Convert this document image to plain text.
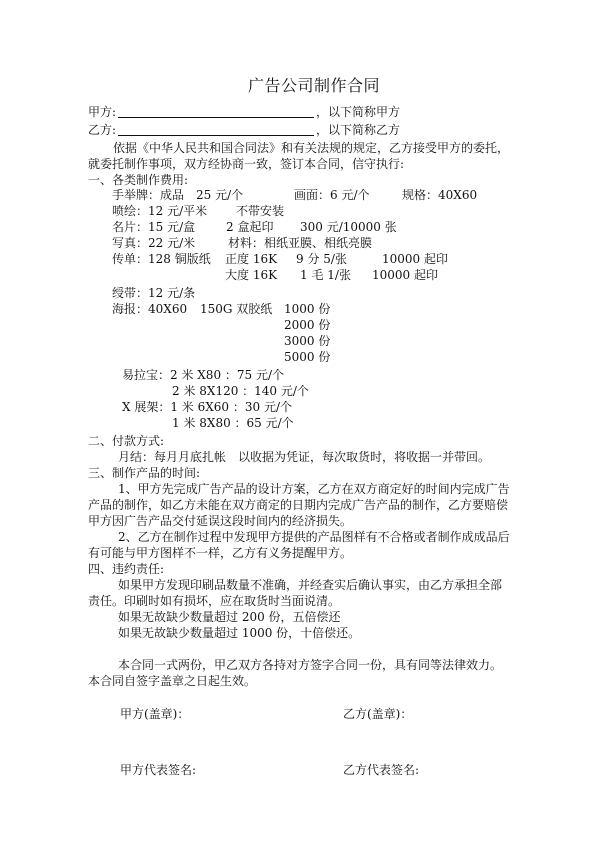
广告公司制作合同
甲方:	，以下简称甲方
乙方:	，以下简称乙方
依据《中华人民共和国合同法》和有关法规的规定，乙方接受甲方的委托，
就委托制作事项，双方经协商一致，签订本合同，信守执行:
一、各类制作费用:
手举牌：成品　25 元/个	画面：6 元/个	规格：40X60
喷绘：12 元/平米 不带安装
名片：15 元/盒	2 盒起印 300 元/10000 张
写真：22 元/米	材料：相纸亚膜、相纸亮膜
传单：128 铜版纸 正度 16K 9 分 5/张	10000 起印
大度 16K 1 毛 1/张 10000 起印
绶带：12 元/条
海报：40X60 150G 双胶纸 1000 份
2000 份
3000 份
5000 份
易拉宝：2 米 X80 ：75 元/个
2 米 8X120 ：140 元/个
X 展架：1 米 6X60 ：30 元/个
1 米 8X80 ：65 元/个
二、付款方式:
月结：每月月底扎帐　以收据为凭证，每次取货时，将收据一并带回。
三、制作产品的时间:
1、甲方先完成广告产品的设计方案，乙方在双方商定好的时间内完成广告
产品的制作，如乙方未能在双方商定的日期内完成广告产品的制作，乙方要赔偿
甲方因广告产品交付延误这段时间内的经济损失。
2、乙方在制作过程中发现甲方提供的产品图样有不合格或者制作成成品后
有可能与甲方图样不一样，乙方有义务提醒甲方。
四、违约责任:
如果甲方发现印刷品数量不准确，并经查实后确认事实，由乙方承担全部
责任。印刷时如有损坏，应在取货时当面说清。
如果无故缺少数量超过 200 份，五倍偿还
如果无故缺少数量超过 1000 份，十倍偿还。
本合同一式两份，甲乙双方各持对方签字合同一份，具有同等法律效力。
本合同自签字盖章之日起生效。
甲方(盖章)：	乙方(盖章)：
甲方代表签名:	乙方代表签名:
